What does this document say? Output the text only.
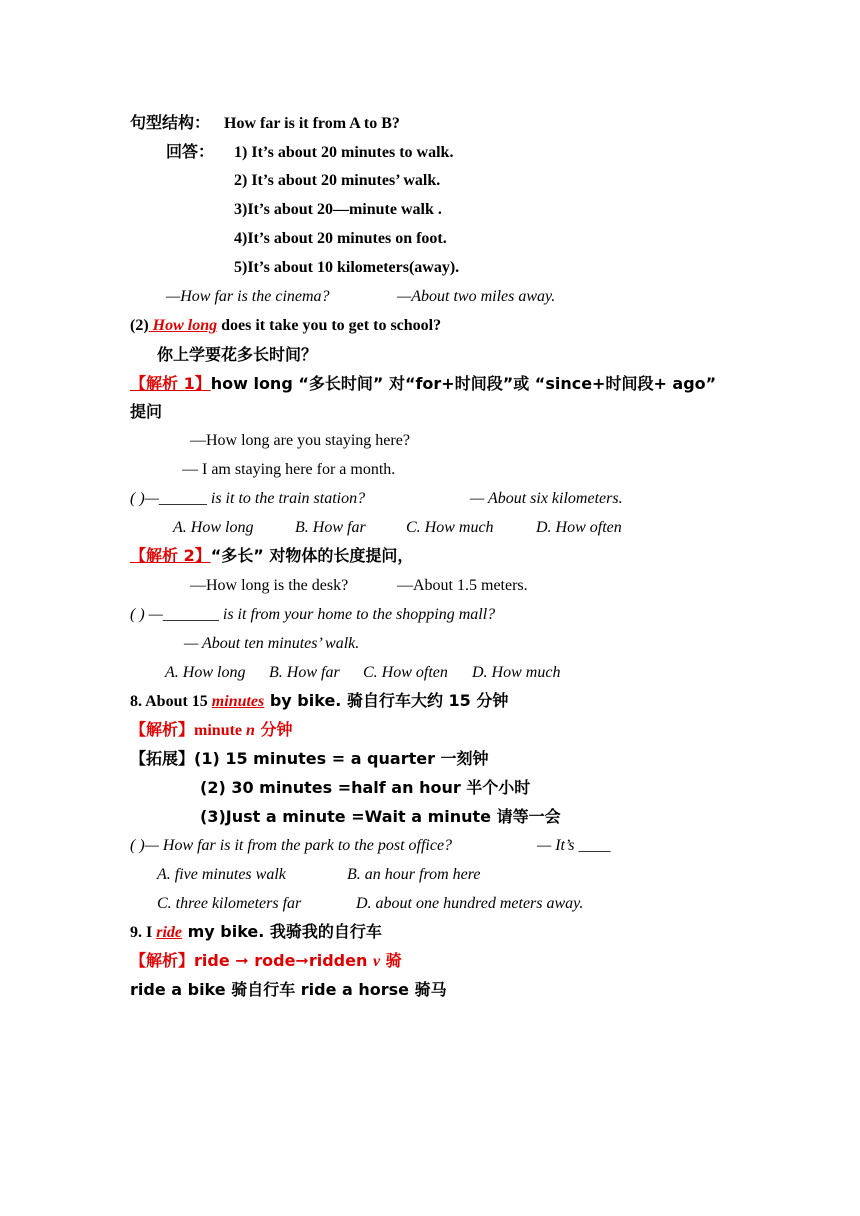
句型结构： How far is it from A to B?
回答： 1) It’s about 20 minutes to walk.
2) It’s about 20 minutes’ walk.
3)It’s about 20—minute walk .
4)It’s about 20 minutes on foot.
5)It’s about 10 kilometers(away).
—How far is the cinema?	—About two miles away.
(2) How long does it take you to get to school?
你上学要花多长时间？
【解析 1】how long “多长时间” 对“for+时间段”或 “since+时间段+ ago”
提问
—How long are you staying here?
— I am staying here for a month.
( )—______ is it to the train station?	— About six kilometers.
A. How long	B. How far	C. How much	D. How often
【解析 2】“多长” 对物体的长度提问，
—How long is the desk?	—About 1.5 meters.
( ) —_______ is it from your home to the shopping mall?
— About ten minutes’ walk.
A. How long B. How far C. How often D. How much
8. About 15 minutes by bike. 骑自行车大约 15 分钟
【解析】minute n 分钟
【拓展】(1) 15 minutes = a quarter 一刻钟
(2) 30 minutes =half an hour 半个小时
(3)Just a minute =Wait a minute 请等一会
( )— How far is it from the park to the post office?	— It’s ____
A. five minutes walk	B. an hour from here
C. three kilometers far	D. about one hundred meters away.
9. I ride my bike. 我骑我的自行车
【解析】ride ➞ rode➞ridden v 骑
ride a bike 骑自行车 ride a horse 骑马
